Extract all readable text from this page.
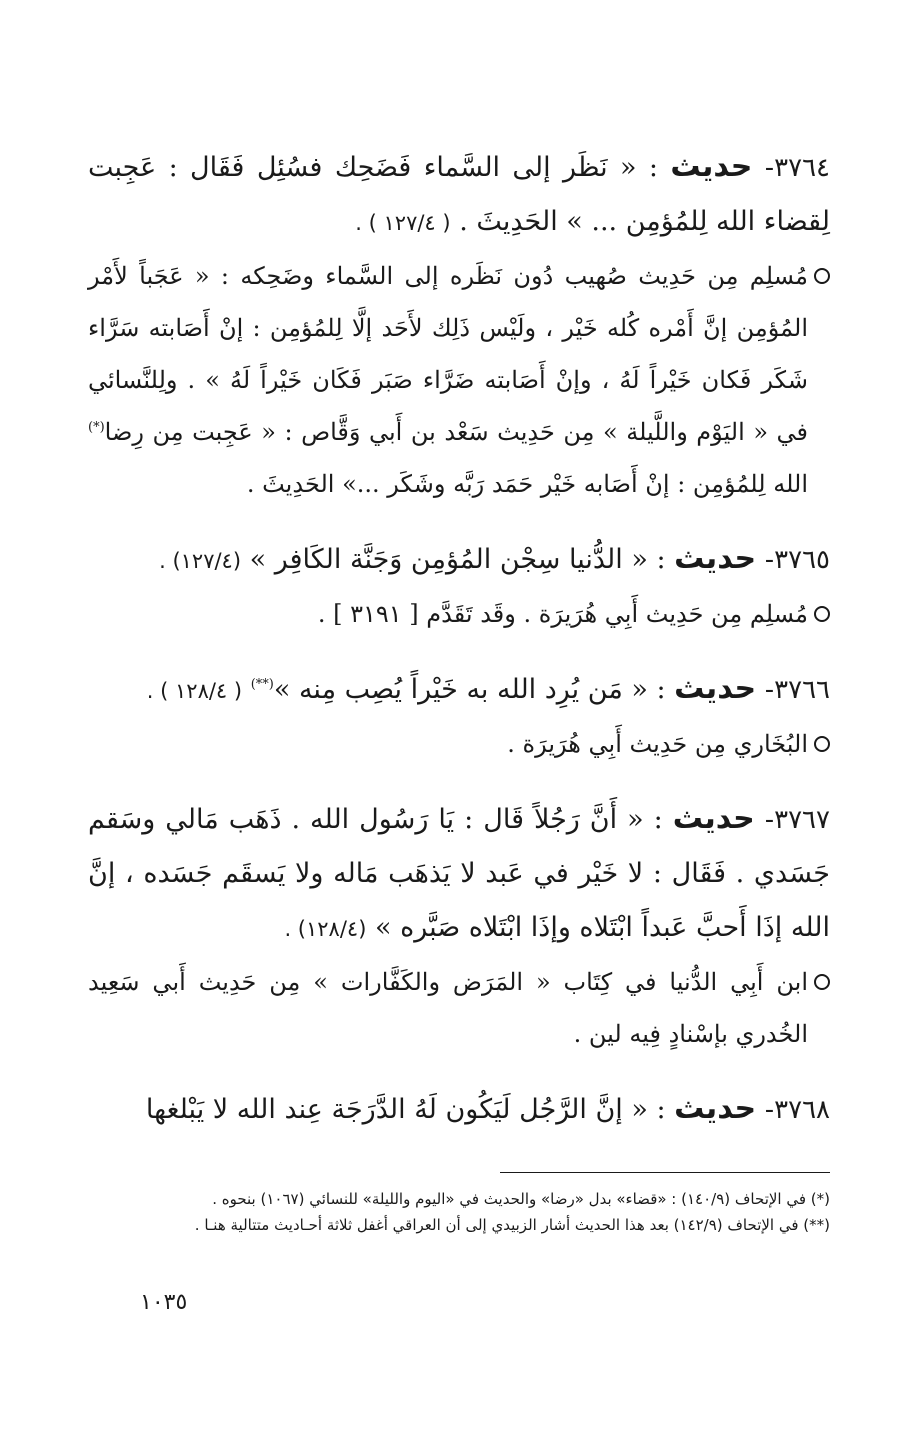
٣٧٦٤- حديث : « نَظَر إلى السَّماء فَضَحِك فسُئِل فَقَال : عَجِبت لِقضاء الله لِلمُؤمِن ... » الحَدِيثَ . ( ١٢٧/٤ ) .
مُسلِم مِن حَدِيث صُهيب دُون نَظَره إلى السَّماء وضَحِكه : « عَجَباً لأَمْر المُؤمِن إنَّ أَمْره كُله خَيْر ، ولَيْس ذَلِك لأَحَد إلَّا لِلمُؤمِن : إنْ أَصَابته سَرَّاء شَكَر فَكان خَيْراً لَهُ ، وإنْ أَصَابته ضَرَّاء صَبَر فَكَان خَيْراً لَهُ » . ولِلنَّسائي في « اليَوْم واللَّيلة » مِن حَدِيث سَعْد بن أَبي وَقَّاص : « عَجِبت مِن رِضا(*) الله لِلمُؤمِن : إنْ أَصَابه خَيْر حَمَد رَبَّه وشَكَر ...» الحَدِيثَ .
٣٧٦٥- حديث : « الدُّنيا سِجْن المُؤمِن وَجَنَّة الكَافِر » (١٢٧/٤) .
مُسلِم مِن حَدِيث أَبِي هُرَيرَة . وقَد تَقَدَّم [ ٣١٩١ ] .
٣٧٦٦- حديث : « مَن يُرِد الله به خَيْراً يُصِب مِنه »(**) ( ١٢٨/٤ ) .
البُخَاري مِن حَدِيث أَبِي هُرَيرَة .
٣٧٦٧- حديث : « أَنَّ رَجُلاً قَال : يَا رَسُول الله . ذَهَب مَالي وسَقم جَسَدي . فَقَال : لا خَيْر في عَبد لا يَذهَب مَاله ولا يَسقَم جَسَده ، إنَّ الله إذَا أَحبَّ عَبداً ابْتَلاه وإذَا ابْتَلاه صَبَّره » (١٢٨/٤) .
ابن أَبِي الدُّنيا في كِتَاب « المَرَض والكَفَّارات » مِن حَدِيث أَبي سَعِيد الخُدري بإسْنادٍ فِيه لين .
٣٧٦٨- حديث : « إنَّ الرَّجُل لَيَكُون لَهُ الدَّرَجَة عِند الله لا يَبْلغها
(*) في الإتحاف (١٤٠/٩) : «قضاء» بدل «رضا» والحديث في «اليوم والليلة» للنسائي (١٠٦٧) بنحوه .
(**) في الإتحاف (١٤٢/٩) بعد هذا الحديث أشار الزبيدي إلى أن العراقي أغفل ثلاثة أحـاديث متتالية هنـا .
١٠٣٥
